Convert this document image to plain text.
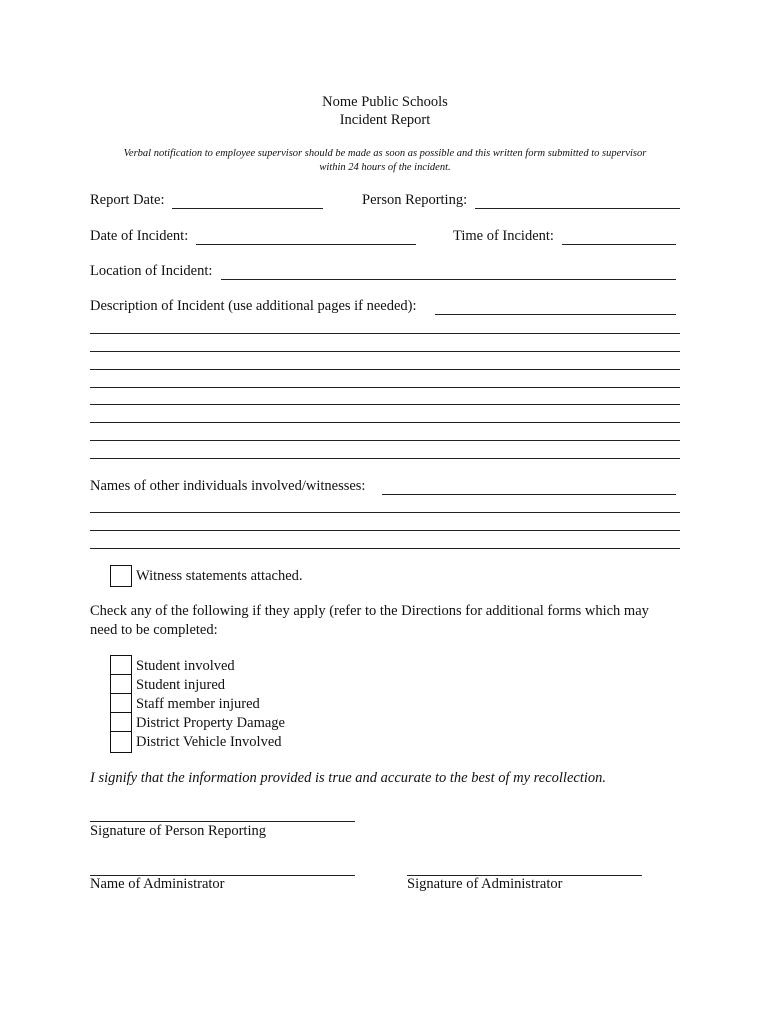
Nome Public Schools
Incident Report
Verbal notification to employee supervisor should be made as soon as possible and this written form submitted to supervisor
within 24 hours of the incident.
Report Date:	Person Reporting:
Date of Incident:	Time of Incident:
Location of Incident:
Description of Incident (use additional pages if needed):
Names of other individuals involved/witnesses:
Witness statements attached.
Check any of the following if they apply (refer to the Directions for additional forms which may
need to be completed:
Student involved
Student injured
Staff member injured
District Property Damage
District Vehicle Involved
I signify that the information provided is true and accurate to the best of my recollection.
Signature of Person Reporting
Name of Administrator	Signature of Administrator
